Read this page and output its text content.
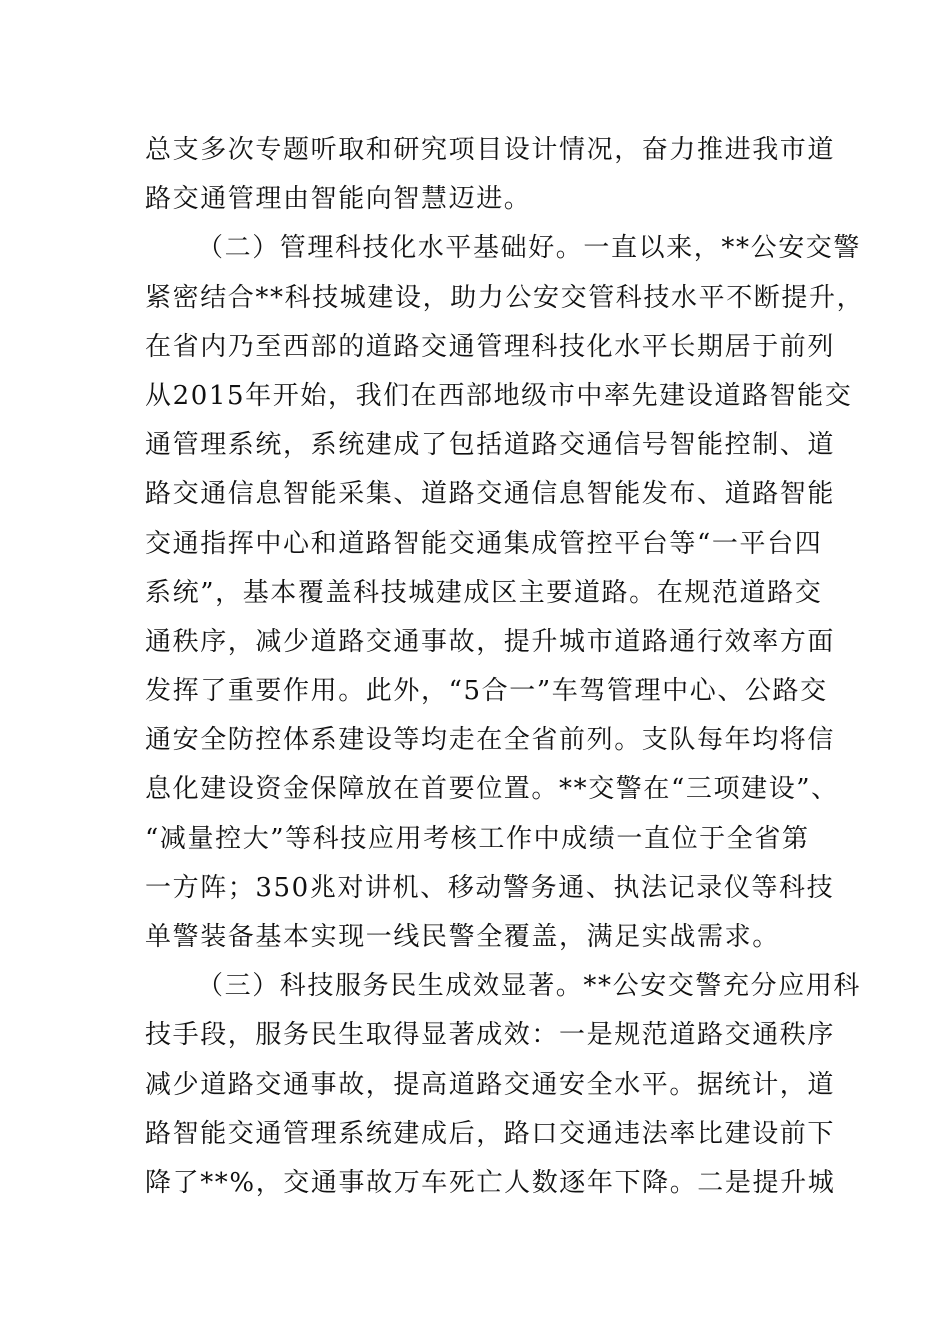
总支多次专题听取和研究项目设计情况，奋力推进我市道
路交通管理由智能向智慧迈进。
（二）管理科技化水平基础好。一直以来，**公安交警
紧密结合**科技城建设，助力公安交管科技水平不断提升，
在省内乃至西部的道路交通管理科技化水平长期居于前列
从2015年开始，我们在西部地级市中率先建设道路智能交
通管理系统，系统建成了包括道路交通信号智能控制、道
路交通信息智能采集、道路交通信息智能发布、道路智能
交通指挥中心和道路智能交通集成管控平台等“一平台四
系统”，基本覆盖科技城建成区主要道路。在规范道路交
通秩序，减少道路交通事故，提升城市道路通行效率方面
发挥了重要作用。此外，“5合一”车驾管理中心、公路交
通安全防控体系建设等均走在全省前列。支队每年均将信
息化建设资金保障放在首要位置。**交警在“三项建设”、
“减量控大”等科技应用考核工作中成绩一直位于全省第
一方阵；350兆对讲机、移动警务通、执法记录仪等科技
单警装备基本实现一线民警全覆盖，满足实战需求。
（三）科技服务民生成效显著。**公安交警充分应用科
技手段，服务民生取得显著成效：一是规范道路交通秩序
减少道路交通事故，提高道路交通安全水平。据统计，道
路智能交通管理系统建成后，路口交通违法率比建设前下
降了**%，交通事故万车死亡人数逐年下降。二是提升城
